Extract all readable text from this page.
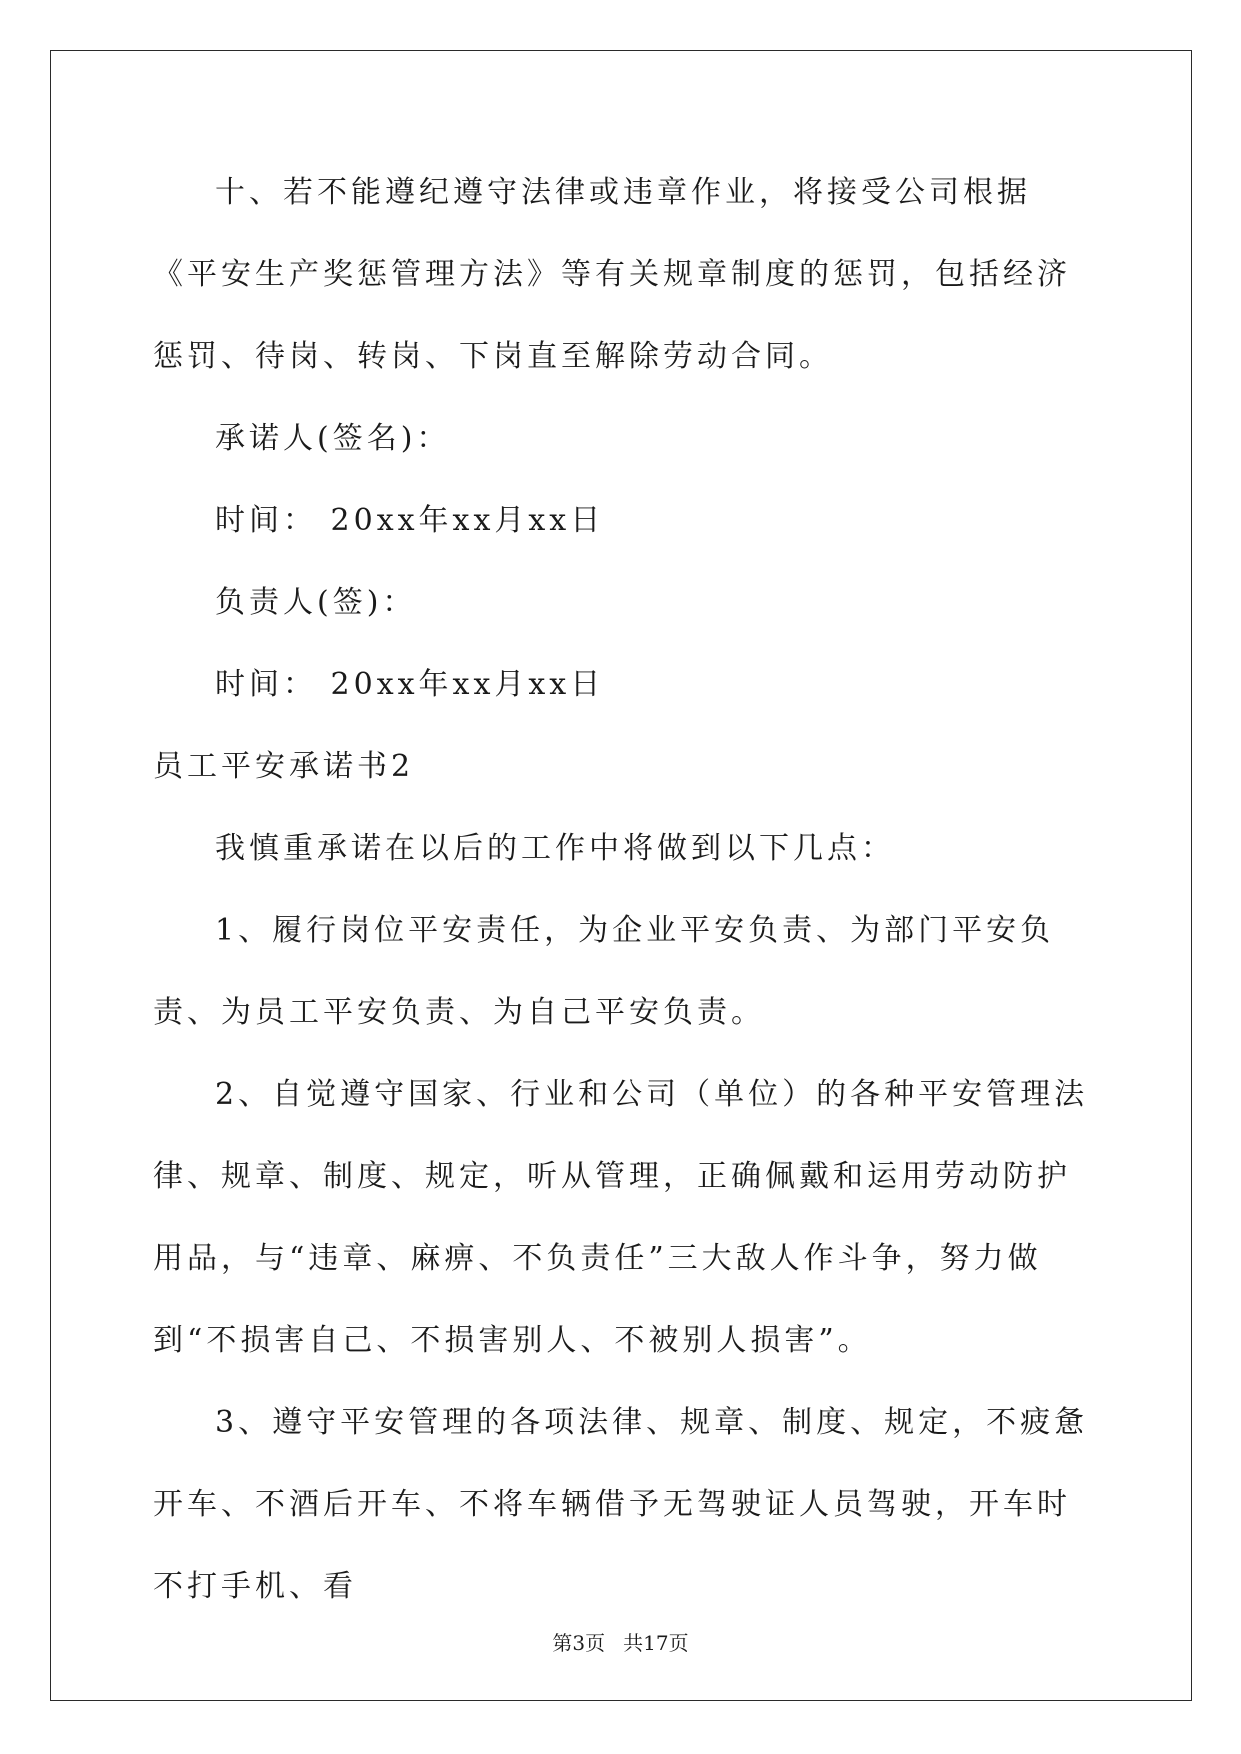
十、若不能遵纪遵守法律或违章作业，将接受公司根据《平安生产奖惩管理方法》等有关规章制度的惩罚，包括经济惩罚、待岗、转岗、下岗直至解除劳动合同。

承诺人(签名)：

时间： 20xx年xx月xx日

负责人(签)：

时间： 20xx年xx月xx日

员工平安承诺书2

我慎重承诺在以后的工作中将做到以下几点：

1、履行岗位平安责任，为企业平安负责、为部门平安负责、为员工平安负责、为自己平安负责。

2、自觉遵守国家、行业和公司（单位）的各种平安管理法律、规章、制度、规定，听从管理，正确佩戴和运用劳动防护用品，与“违章、麻痹、不负责任”三大敌人作斗争，努力做到“不损害自己、不损害别人、不被别人损害”。

3、遵守平安管理的各项法律、规章、制度、规定，不疲惫开车、不酒后开车、不将车辆借予无驾驶证人员驾驶，开车时不打手机、看

第3页 共17页
